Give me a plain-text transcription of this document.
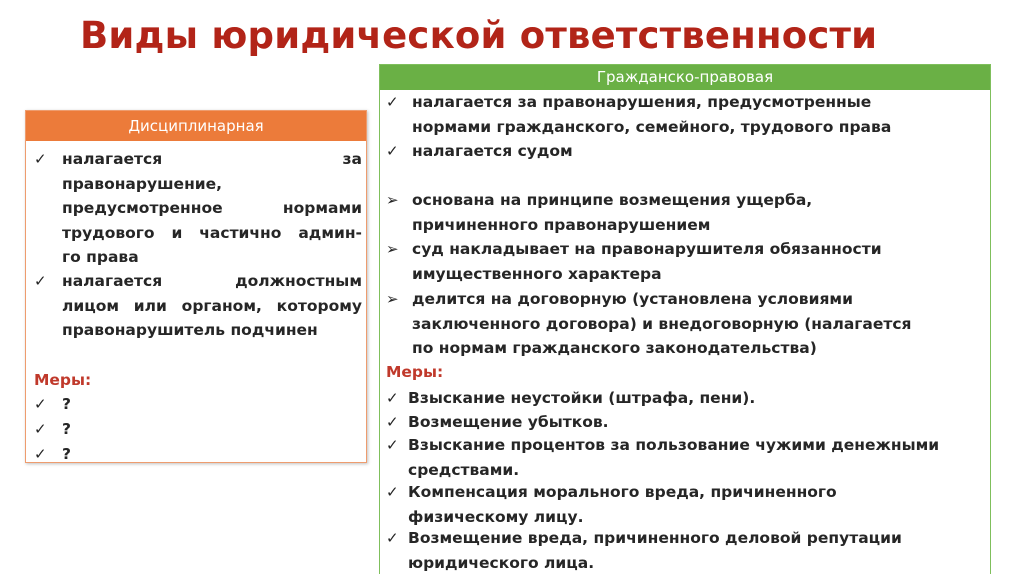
Виды юридической ответственности
Дисциплинарная
✓ налагается за
правонарушение,
предусмотренное нормами
трудового и частично админ-
го права
✓ налагается должностным
лицом или органом, которому
правонарушитель подчинен
Меры:
✓ ?
✓ ?
✓ ?
Гражданско-правовая
✓ налагается за правонарушения, предусмотренные
нормами гражданского, семейного, трудового права
✓ налагается судом
➢ основана на принципе возмещения ущерба,
причиненного правонарушением
➢ суд накладывает на правонарушителя обязанности
имущественного характера
➢ делится на договорную (установлена условиями
заключенного договора) и внедоговорную (налагается
по нормам гражданского законодательства)
Меры:
✓ Взыскание неустойки (штрафа, пени).
✓ Возмещение убытков.
✓ Взыскание процентов за пользование чужими денежными
средствами.
✓ Компенсация морального вреда, причиненного
физическому лицу.
✓ Возмещение вреда, причиненного деловой репутации
юридического лица.
